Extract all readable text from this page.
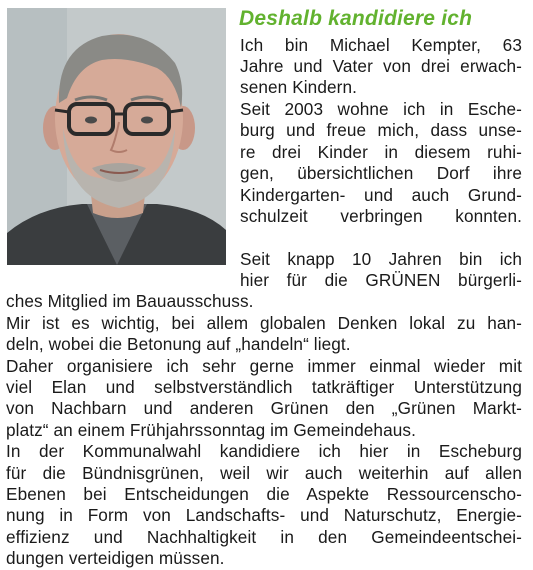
Deshalb kandidiere ich
Ich bin Michael Kempter, 63
Jahre und Vater von drei erwach-
senen Kindern.
Seit 2003 wohne ich in Esche-
burg und freue mich, dass unse-
re drei Kinder in diesem ruhi-
gen, übersichtlichen Dorf ihre
Kindergarten- und auch Grund-
schulzeit verbringen konnten.
Seit knapp 10 Jahren bin ich
hier für die GRÜNEN bürgerli-
ches Mitglied im Bauausschuss.
Mir ist es wichtig, bei allem globalen Denken lokal zu han-
deln, wobei die Betonung auf „handeln“ liegt.
Daher organisiere ich sehr gerne immer einmal wieder mit
viel Elan und selbstverständlich tatkräftiger Unterstützung
von Nachbarn und anderen Grünen den „Grünen Markt-
platz“ an einem Frühjahrssonntag im Gemeindehaus.
In der Kommunalwahl kandidiere ich hier in Escheburg
für die Bündnisgrünen, weil wir auch weiterhin auf allen
Ebenen bei Entscheidungen die Aspekte Ressourcenscho-
nung in Form von Landschafts- und Naturschutz, Energie-
effizienz und Nachhaltigkeit in den Gemeindeentschei-
dungen verteidigen müssen.
